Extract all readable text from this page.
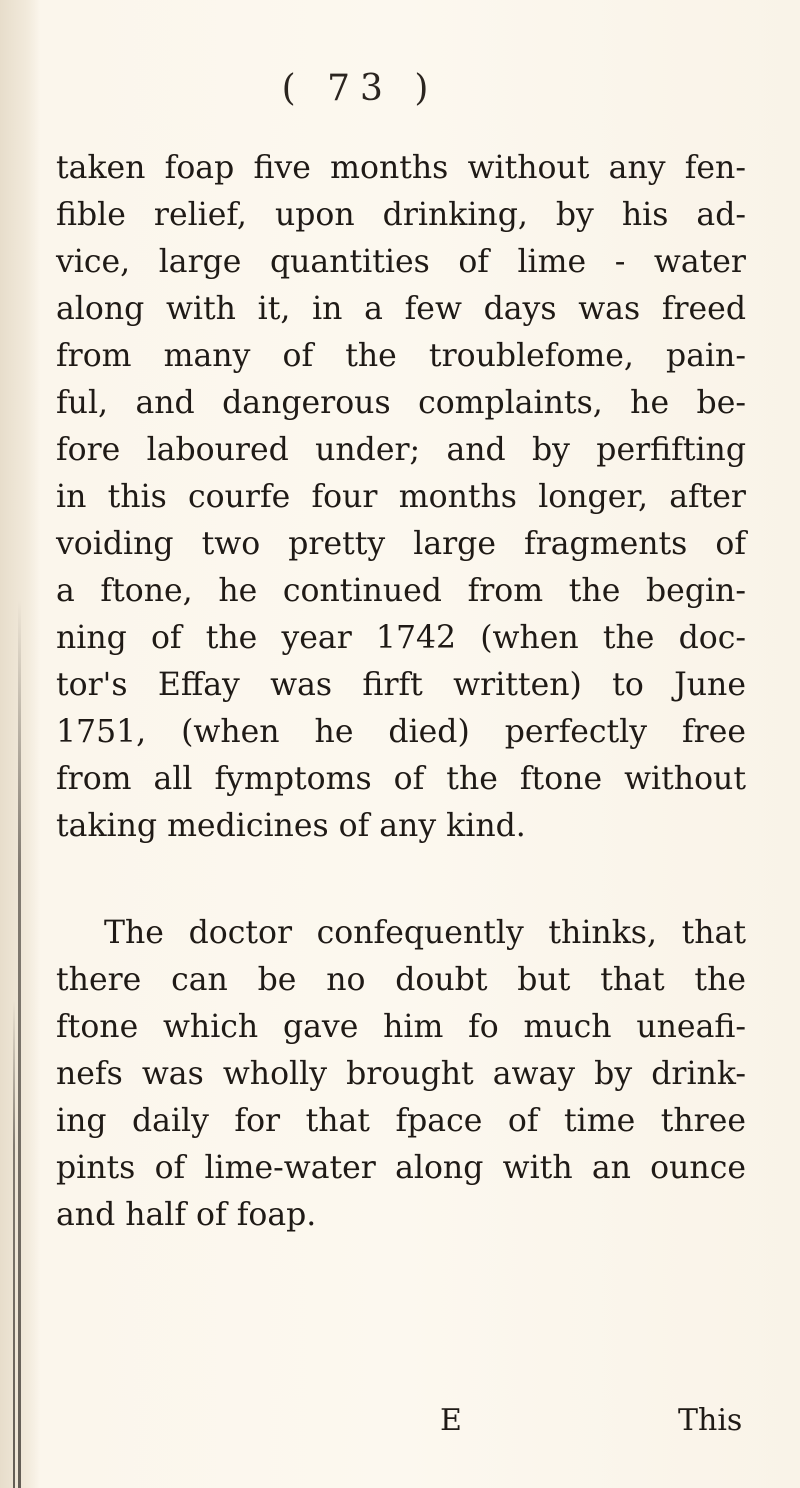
( 73 )
taken foap five months without any fen-
fible relief, upon drinking, by his ad-
vice, large quantities of lime - water
along with it, in a few days was freed
from many of the troublefome, pain-
ful, and dangerous complaints, he be-
fore laboured under; and by perfifting
in this courfe four months longer, after
voiding two pretty large fragments of
a ftone, he continued from the begin-
ning of the year 1742 (when the doc-
tor's Effay was firft written) to June
1751, (when he died) perfectly free
from all fymptoms of the ftone without
taking medicines of any kind.
The doctor confequently thinks, that
there can be no doubt but that the
ftone which gave him fo much uneafi-
nefs was wholly brought away by drink-
ing daily for that fpace of time three
pints of lime-water along with an ounce
and half of foap.
E	This
